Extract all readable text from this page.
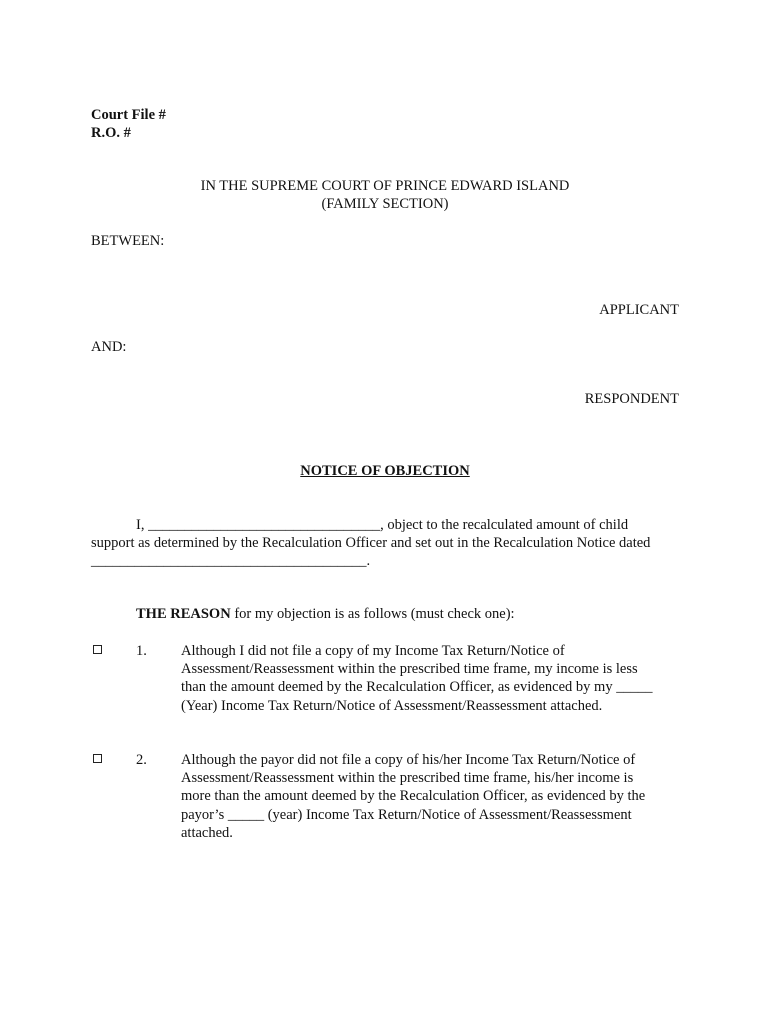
Court File #
R.O. #
IN THE SUPREME COURT OF PRINCE EDWARD ISLAND
(FAMILY SECTION)
BETWEEN:
APPLICANT
AND:
RESPONDENT
NOTICE OF OBJECTION
I, ________________________________, object to the recalculated amount of child
support as determined by the Recalculation Officer and set out in the Recalculation Notice dated
______________________________________.
THE REASON for my objection is as follows (must check one):
1. Although I did not file a copy of my Income Tax Return/Notice of
Assessment/Reassessment within the prescribed time frame, my income is less
than the amount deemed by the Recalculation Officer, as evidenced by my _____
(Year) Income Tax Return/Notice of Assessment/Reassessment attached.
2. Although the payor did not file a copy of his/her Income Tax Return/Notice of
Assessment/Reassessment within the prescribed time frame, his/her income is
more than the amount deemed by the Recalculation Officer, as evidenced by the
payor’s _____ (year) Income Tax Return/Notice of Assessment/Reassessment
attached.
